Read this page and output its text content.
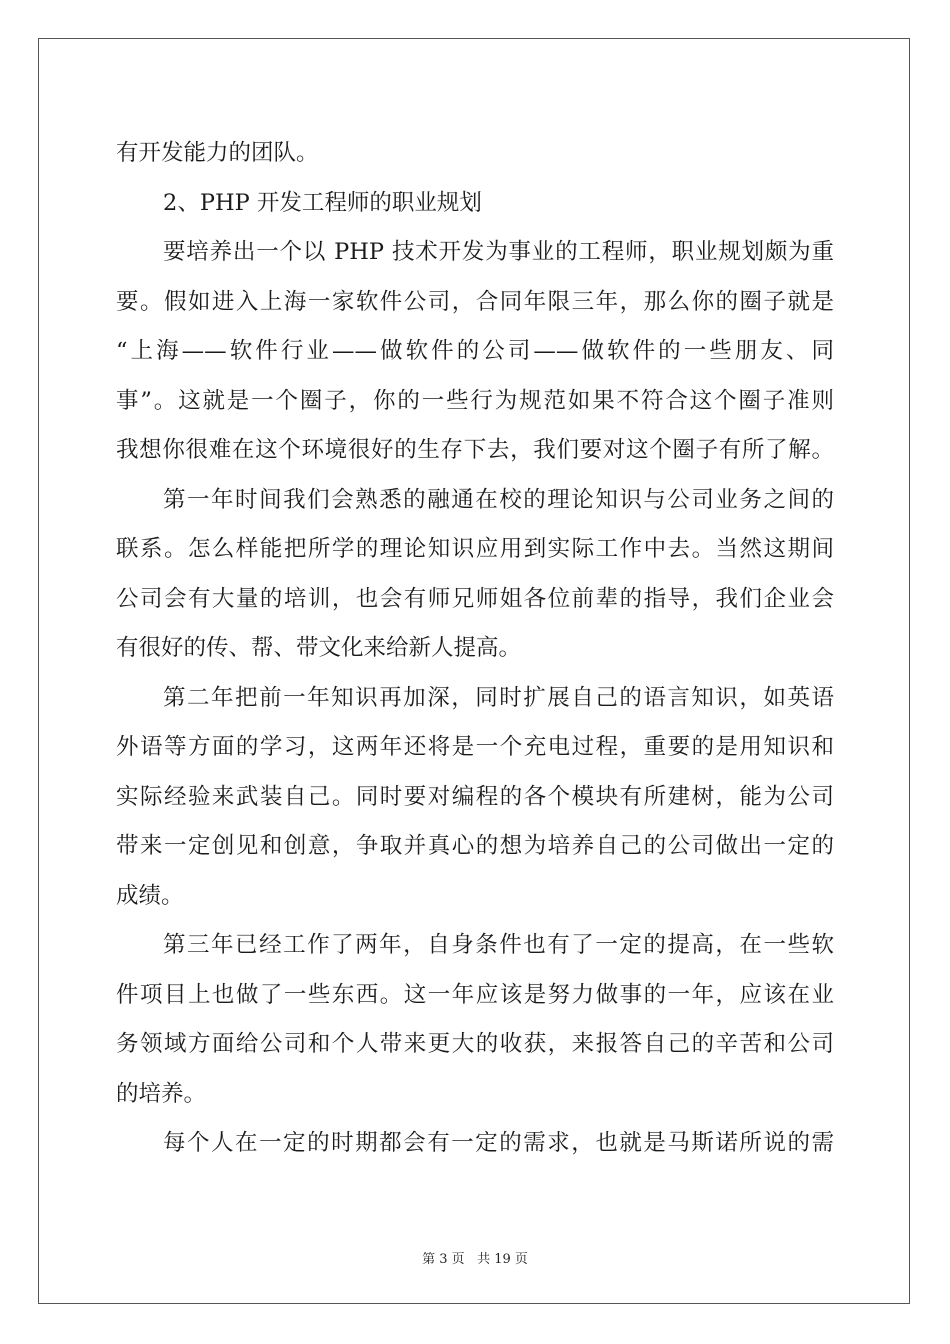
有开发能力的团队。
2、PHP 开发工程师的职业规划
要培养出一个以 PHP 技术开发为事业的工程师，职业规划颇为重
要。假如进入上海一家软件公司，合同年限三年，那么你的圈子就是
“上海——软件行业——做软件的公司——做软件的一些朋友、同
事”。这就是一个圈子，你的一些行为规范如果不符合这个圈子准则
我想你很难在这个环境很好的生存下去，我们要对这个圈子有所了解。
第一年时间我们会熟悉的融通在校的理论知识与公司业务之间的
联系。怎么样能把所学的理论知识应用到实际工作中去。当然这期间
公司会有大量的培训，也会有师兄师姐各位前辈的指导，我们企业会
有很好的传、帮、带文化来给新人提高。
第二年把前一年知识再加深，同时扩展自己的语言知识，如英语
外语等方面的学习，这两年还将是一个充电过程，重要的是用知识和
实际经验来武装自己。同时要对编程的各个模块有所建树，能为公司
带来一定创见和创意，争取并真心的想为培养自己的公司做出一定的
成绩。
第三年已经工作了两年，自身条件也有了一定的提高，在一些软
件项目上也做了一些东西。这一年应该是努力做事的一年，应该在业
务领域方面给公司和个人带来更大的收获，来报答自己的辛苦和公司
的培养。
每个人在一定的时期都会有一定的需求，也就是马斯诺所说的需
第 3 页 共 19 页
